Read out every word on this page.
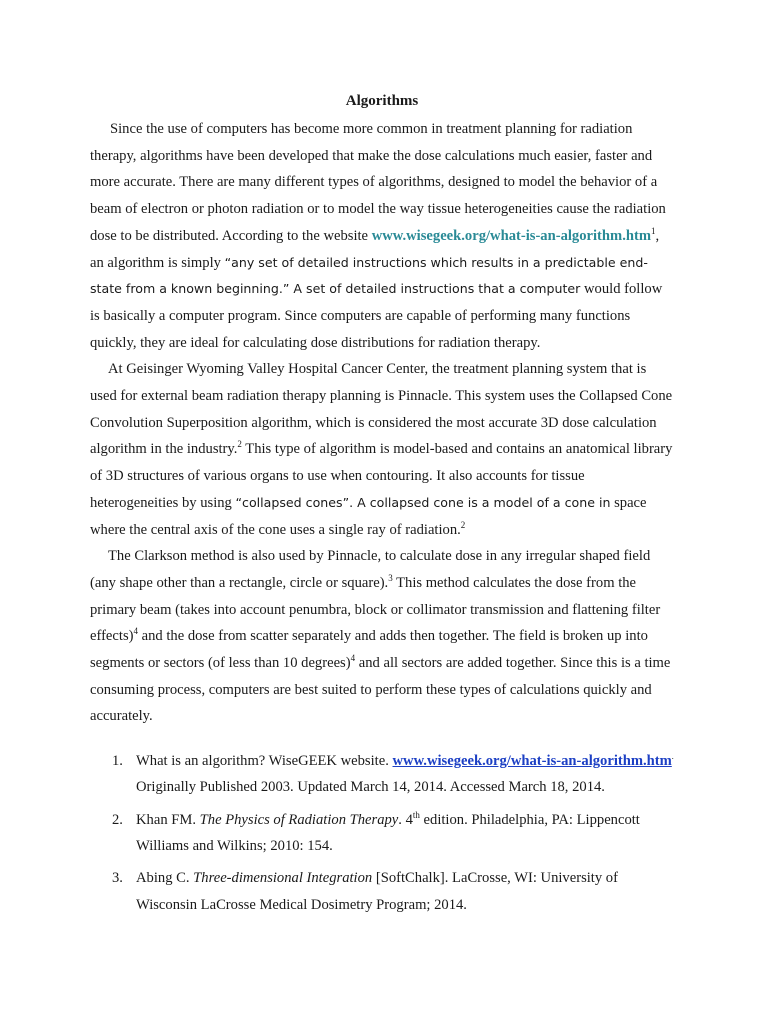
Algorithms

Since the use of computers has become more common in treatment planning for radiation therapy, algorithms have been developed that make the dose calculations much easier, faster and more accurate. There are many different types of algorithms, designed to model the behavior of a beam of electron or photon radiation or to model the way tissue heterogeneities cause the radiation dose to be distributed. According to the website www.wisegeek.org/what-is-an-algorithm.htm$^1$, an algorithm is simply “any set of detailed instructions which results in a predictable end-state from a known beginning.” A set of detailed instructions that a computer would follow is basically a computer program. Since computers are capable of performing many functions quickly, they are ideal for calculating dose distributions for radiation therapy.

At Geisinger Wyoming Valley Hospital Cancer Center, the treatment planning system that is used for external beam radiation therapy planning is Pinnacle. This system uses the Collapsed Cone Convolution Superposition algorithm, which is considered the most accurate 3D dose calculation algorithm in the industry.$^2$ This type of algorithm is model-based and contains an anatomical library of 3D structures of various organs to use when contouring. It also accounts for tissue heterogeneities by using “collapsed cones”. A collapsed cone is a model of a cone in space where the central axis of the cone uses a single ray of radiation.$^2$

The Clarkson method is also used by Pinnacle, to calculate dose in any irregular shaped field (any shape other than a rectangle, circle or square).$^3$ This method calculates the dose from the primary beam (takes into account penumbra, block or collimator transmission and flattening filter effects)$^4$ and the dose from scatter separately and adds then together. The field is broken up into segments or sectors (of less than 10 degrees)$^4$ and all sectors are added together. Since this is a time consuming process, computers are best suited to perform these types of calculations quickly and accurately.

1. What is an algorithm? WiseGEEK website. www.wisegeek.org/what-is-an-algorithm.htm. Originally Published 2003. Updated March 14, 2014. Accessed March 18, 2014.
2. Khan FM. The Physics of Radiation Therapy. 4th edition. Philadelphia, PA: Lippencott Williams and Wilkins; 2010: 154.
3. Abing C. Three-dimensional Integration [SoftChalk]. LaCrosse, WI: University of Wisconsin LaCrosse Medical Dosimetry Program; 2014.
